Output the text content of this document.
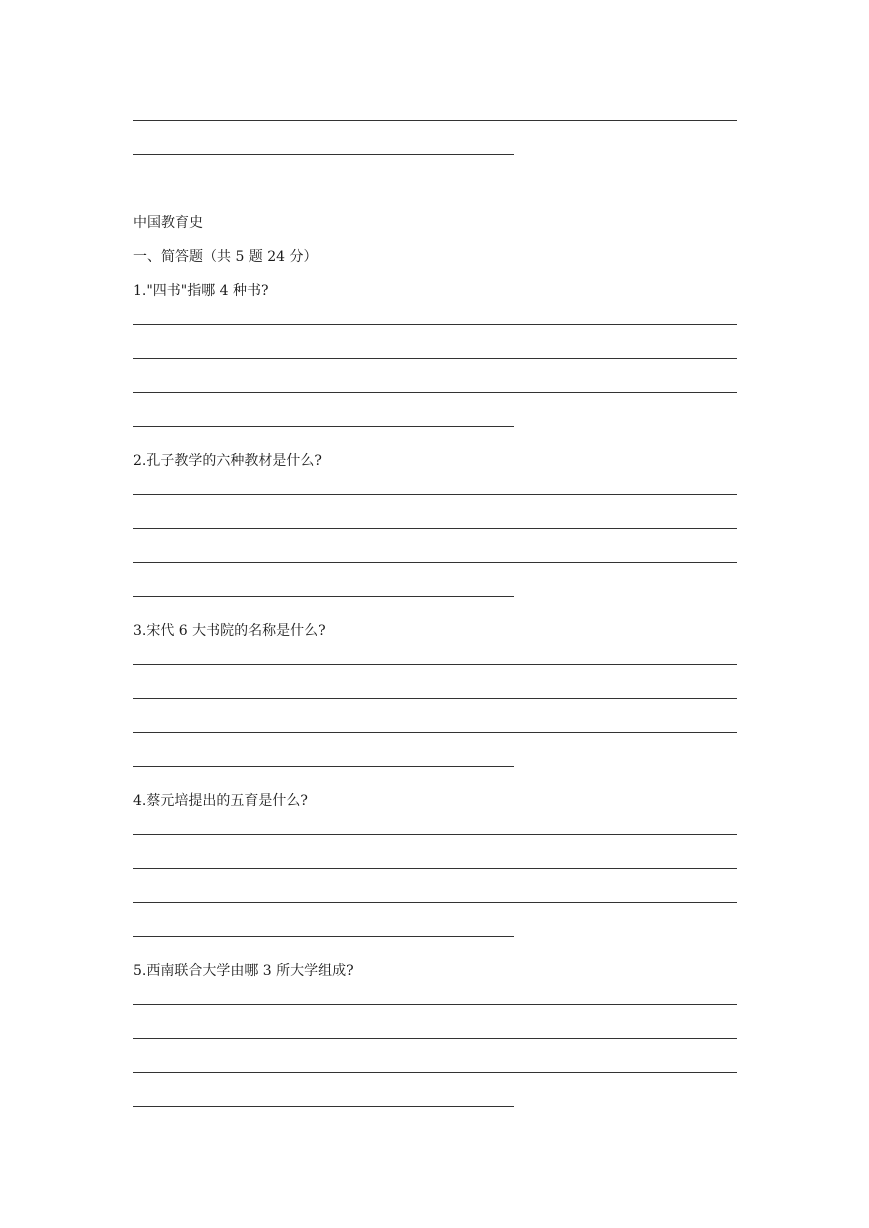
中国教育史
一、简答题（共 5 题 24 分）
1."四书"指哪 4 种书?
2.孔子教学的六种教材是什么?
3.宋代 6 大书院的名称是什么?
4.蔡元培提出的五育是什么?
5.西南联合大学由哪 3 所大学组成?
